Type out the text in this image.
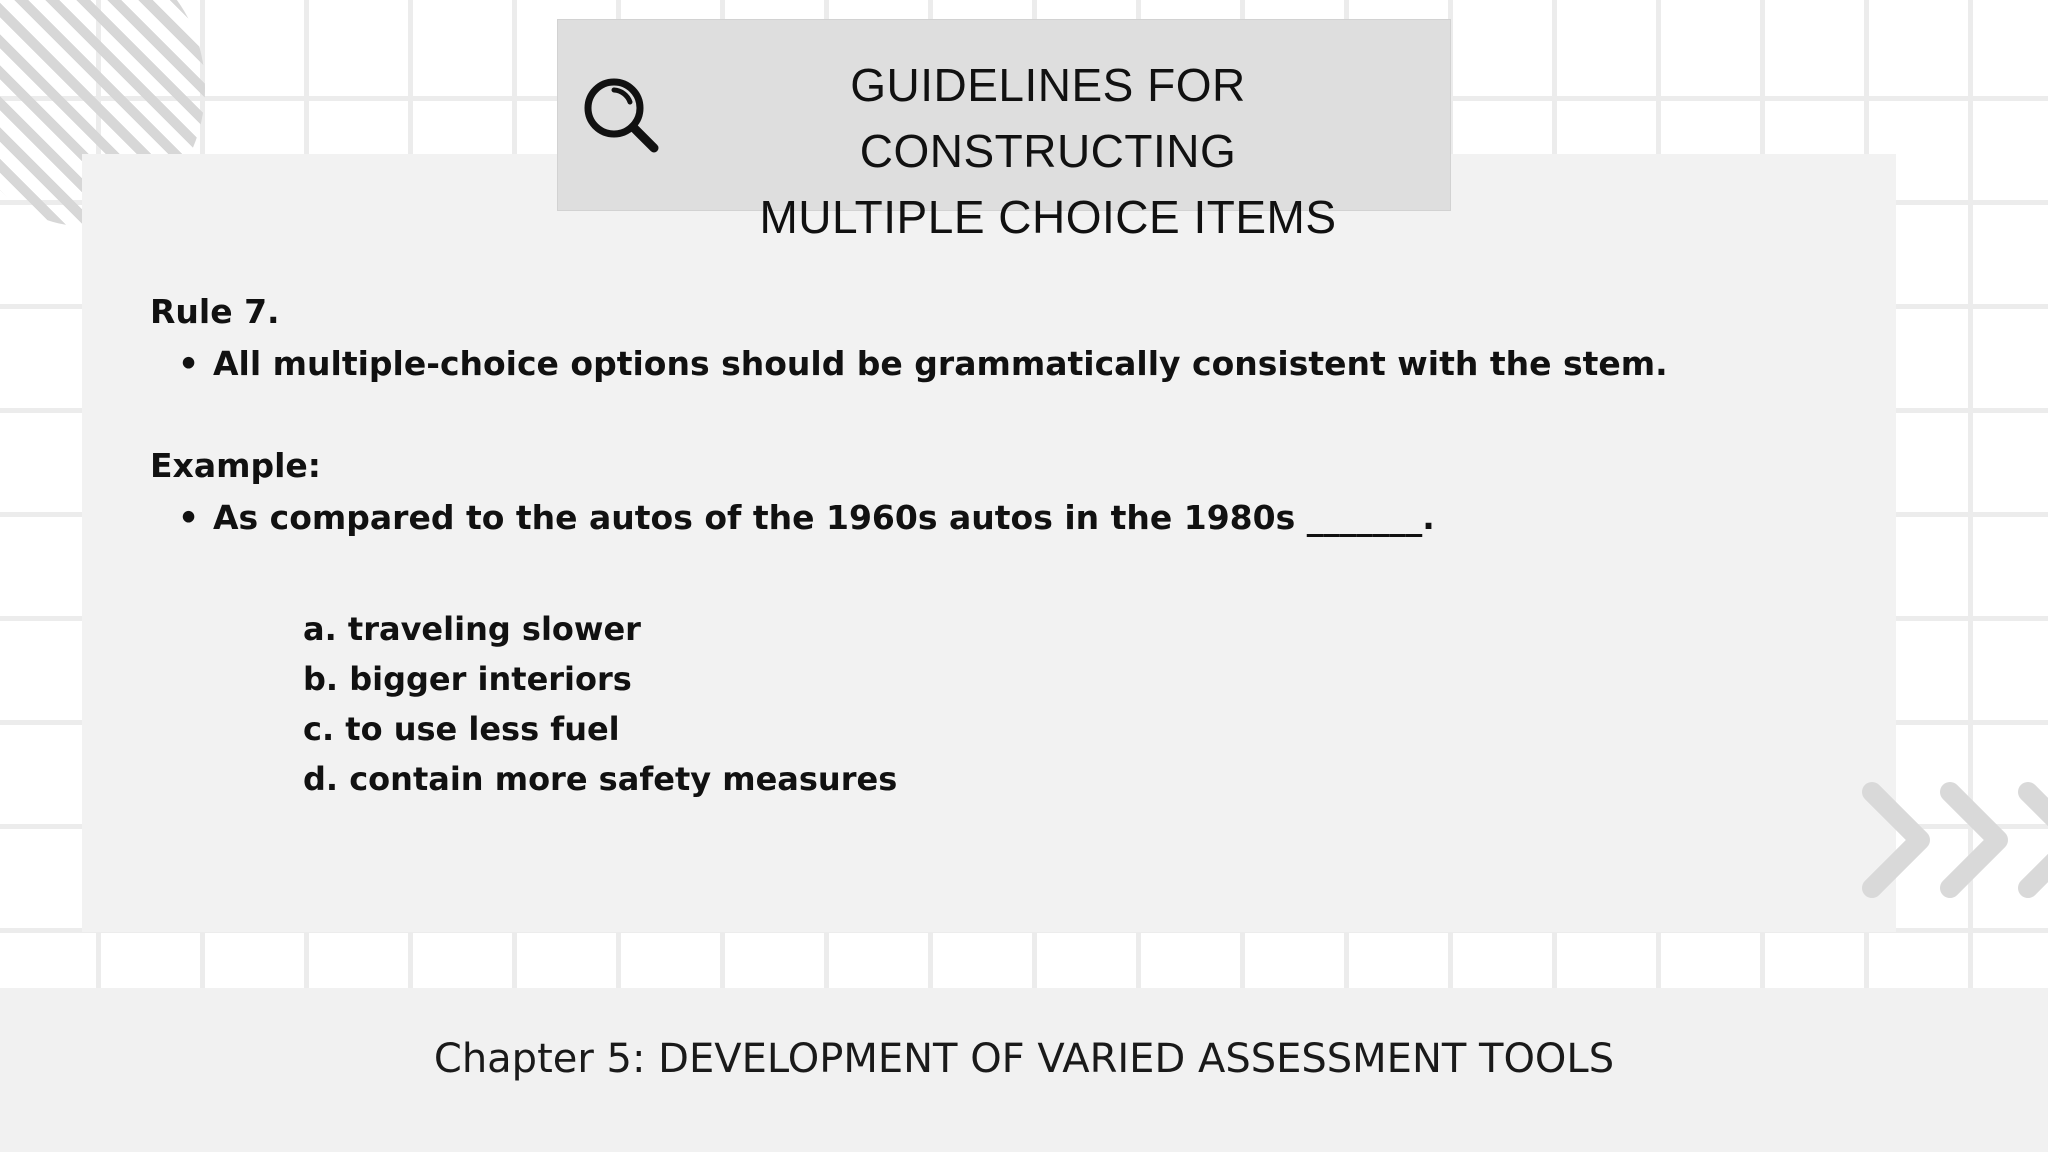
GUIDELINES FOR CONSTRUCTING
MULTIPLE CHOICE ITEMS
Rule 7.
• All multiple-choice options should be grammatically consistent with the stem.
Example:
• As compared to the autos of the 1960s autos in the 1980s _______.
a. traveling slower
b. bigger interiors
c. to use less fuel
d. contain more safety measures
Chapter 5: DEVELOPMENT OF VARIED ASSESSMENT TOOLS
